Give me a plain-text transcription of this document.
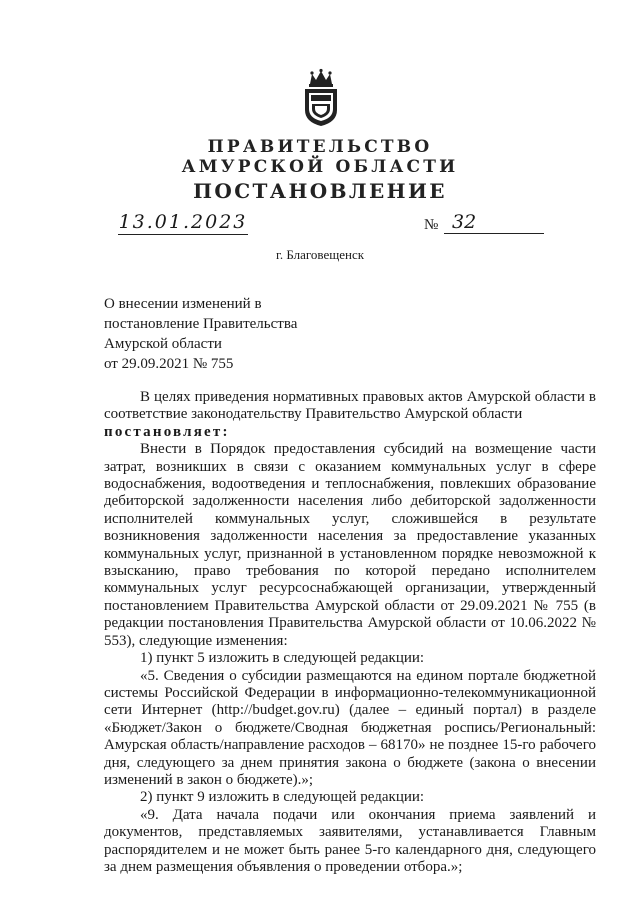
ПРАВИТЕЛЬСТВО
АМУРСКОЙ ОБЛАСТИ
ПОСТАНОВЛЕНИЕ
13.01.2023	№ 32
г. Благовещенск
О внесении изменений в
постановление Правительства
Амурской области
от 29.09.2021 № 755

В целях приведения нормативных правовых актов Амурской области в соответствие законодательству Правительство Амурской области

постановляет:

Внести в Порядок предоставления субсидий на возмещение части затрат, возникших в связи с оказанием коммунальных услуг в сфере водоснабжения, водоотведения и теплоснабжения, повлекших образование дебиторской задолженности населения либо дебиторской задолженности исполнителей коммунальных услуг, сложившейся в результате возникновения задолженности населения за предоставление указанных коммунальных услуг, признанной в установленном порядке невозможной к взысканию, право требования по которой передано исполнителем коммунальных услуг ресурсоснабжающей организации, утвержденный постановлением Правительства Амурской области от 29.09.2021 № 755 (в редакции постановления Правительства Амурской области от 10.06.2022 № 553), следующие изменения:

1) пункт 5 изложить в следующей редакции:

«5. Сведения о субсидии размещаются на едином портале бюджетной системы Российской Федерации в информационно-телекоммуникационной сети Интернет (http://budget.gov.ru) (далее – единый портал) в разделе «Бюджет/Закон о бюджете/Сводная бюджетная роспись/Региональный: Амурская область/направление расходов – 68170» не позднее 15-го рабочего дня, следующего за днем принятия закона о бюджете (закона о внесении изменений в закон о бюджете).»;

2) пункт 9 изложить в следующей редакции:

«9. Дата начала подачи или окончания приема заявлений и документов, представляемых заявителями, устанавливается Главным распорядителем и не может быть ранее 5-го календарного дня, следующего за днем размещения объявления о проведении отбора.»;
